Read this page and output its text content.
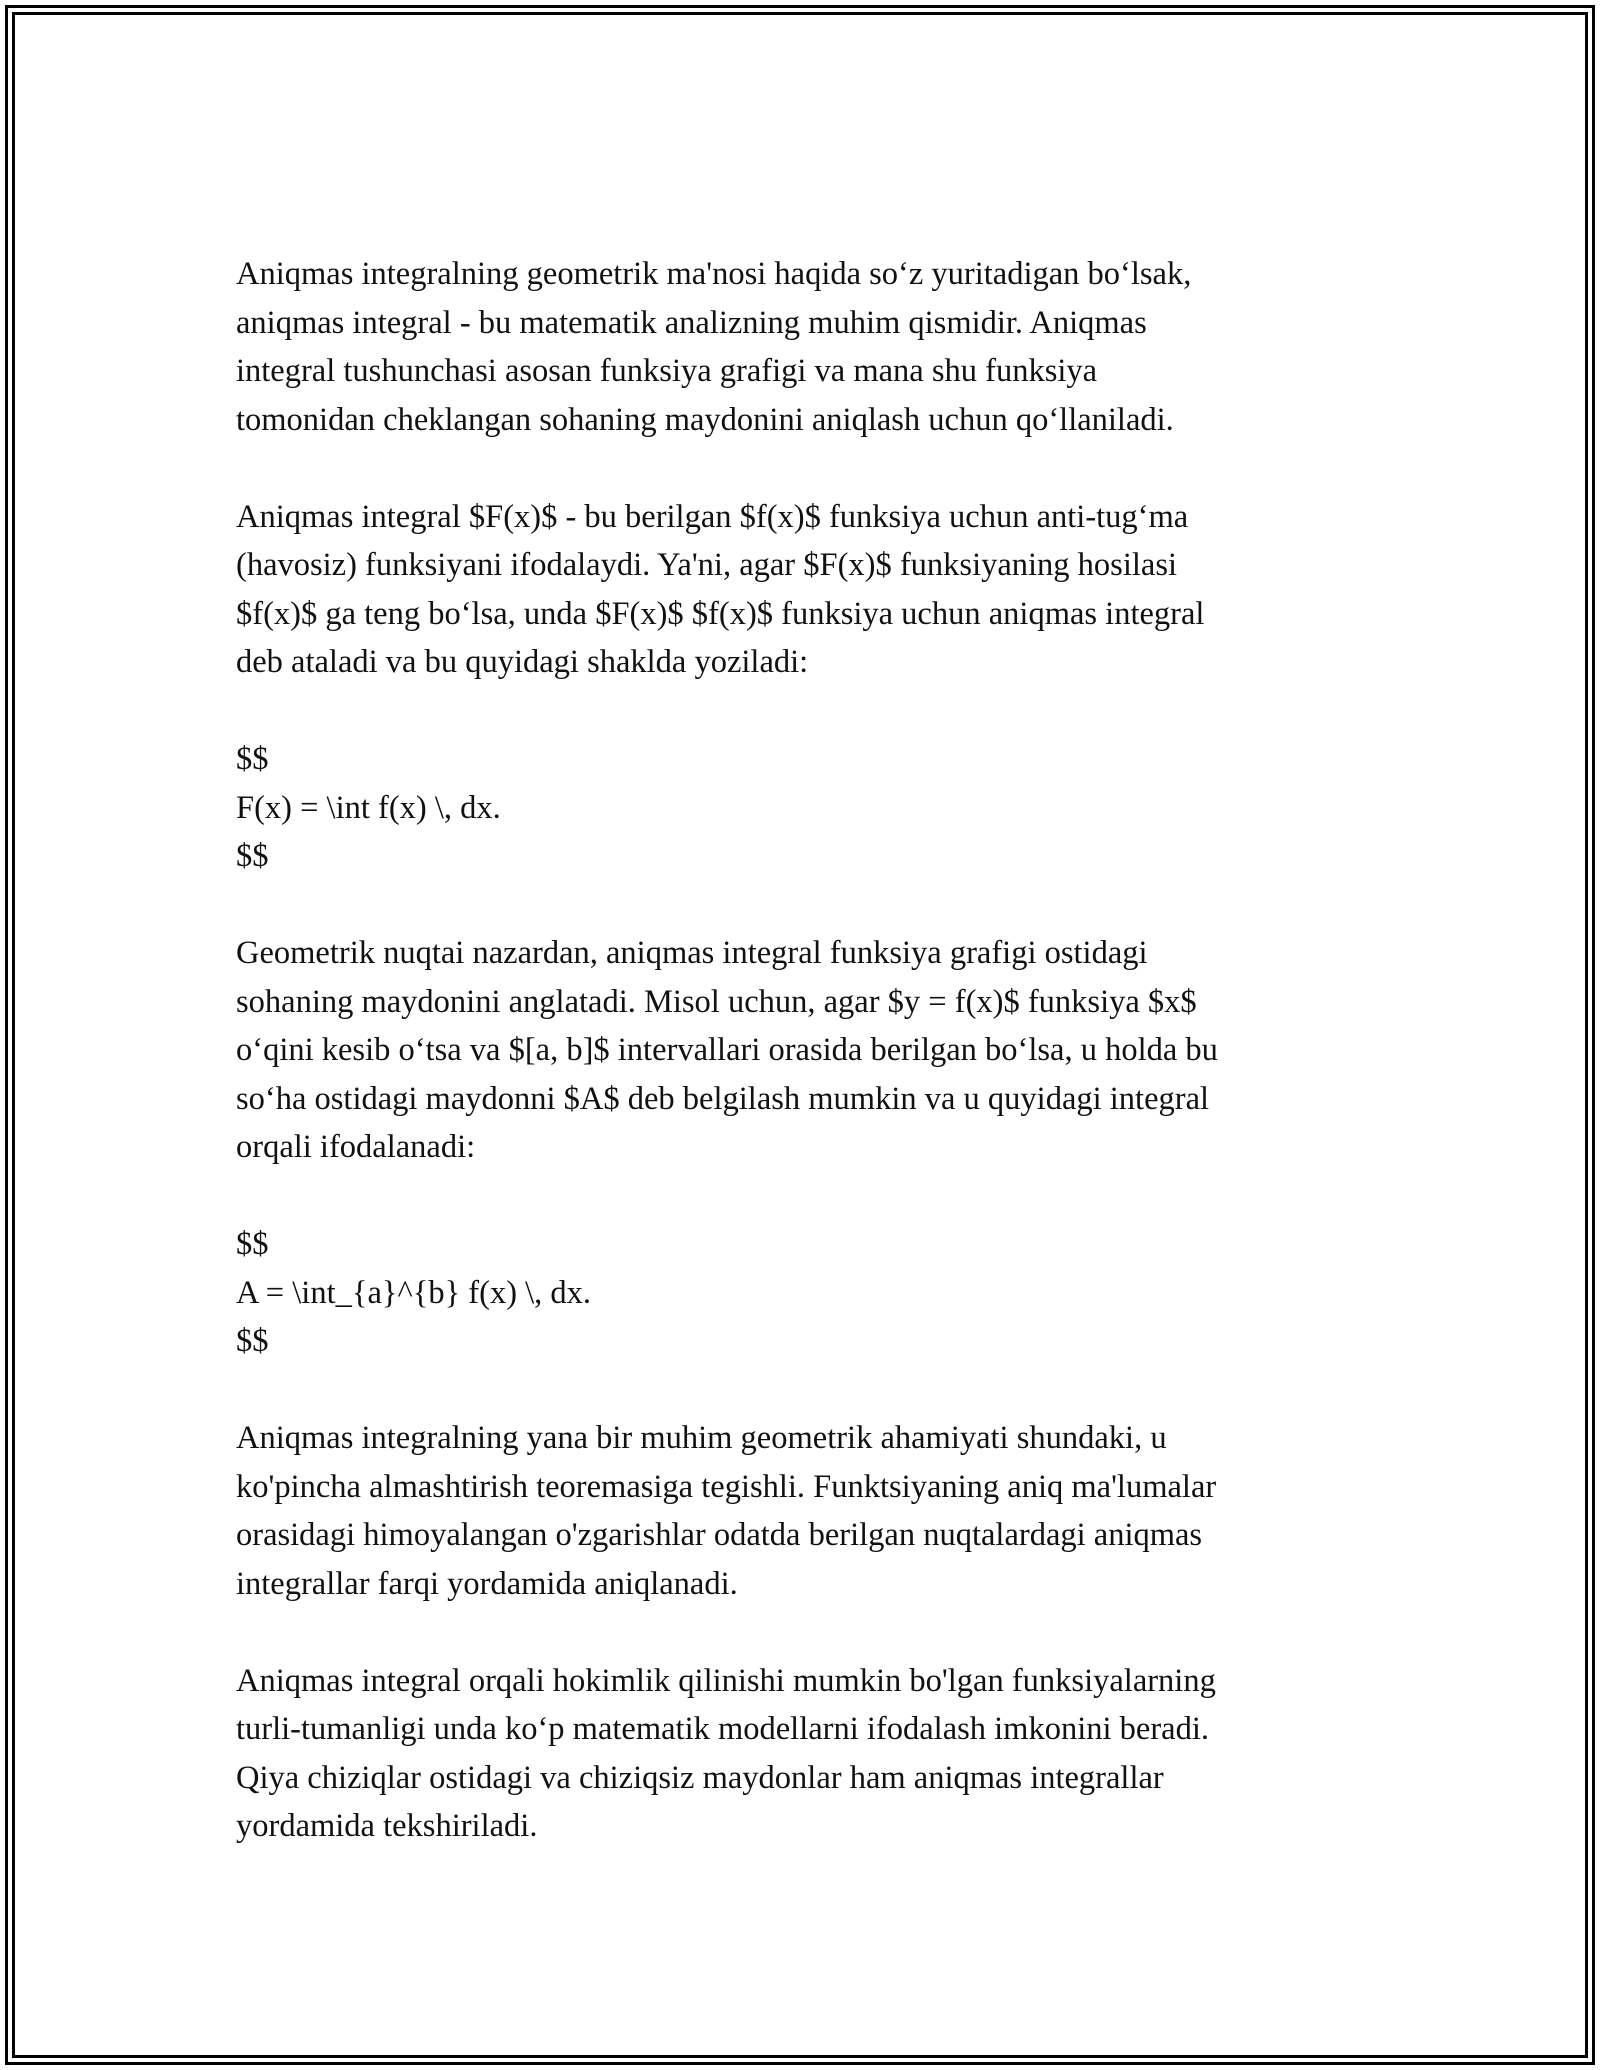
Aniqmas integralning geometrik ma'nosi haqida so‘z yuritadigan bo‘lsak,
aniqmas integral - bu matematik analizning muhim qismidir. Aniqmas
integral tushunchasi asosan funksiya grafigi va mana shu funksiya
tomonidan cheklangan sohaning maydonini aniqlash uchun qo‘llaniladi.

Aniqmas integral $F(x)$ - bu berilgan $f(x)$ funksiya uchun anti-tug‘ma
(havosiz) funksiyani ifodalaydi. Ya'ni, agar $F(x)$ funksiyaning hosilasi
$f(x)$ ga teng bo‘lsa, unda $F(x)$ $f(x)$ funksiya uchun aniqmas integral
deb ataladi va bu quyidagi shaklda yoziladi:

$$
F(x) = \int f(x) \, dx.
$$

Geometrik nuqtai nazardan, aniqmas integral funksiya grafigi ostidagi
sohaning maydonini anglatadi. Misol uchun, agar $y = f(x)$ funksiya $x$
o‘qini kesib o‘tsa va $[a, b]$ intervallari orasida berilgan bo‘lsa, u holda bu
so‘ha ostidagi maydonni $A$ deb belgilash mumkin va u quyidagi integral
orqali ifodalanadi:

$$
A = \int_{a}^{b} f(x) \, dx.
$$

Aniqmas integralning yana bir muhim geometrik ahamiyati shundaki, u
ko'pincha almashtirish teoremasiga tegishli. Funktsiyaning aniq ma'lumalar
orasidagi himoyalangan o'zgarishlar odatda berilgan nuqtalardagi aniqmas
integrallar farqi yordamida aniqlanadi.

Aniqmas integral orqali hokimlik qilinishi mumkin bo'lgan funksiyalarning
turli-tumanligi unda ko‘p matematik modellarni ifodalash imkonini beradi.
Qiya chiziqlar ostidagi va chiziqsiz maydonlar ham aniqmas integrallar
yordamida tekshiriladi.
